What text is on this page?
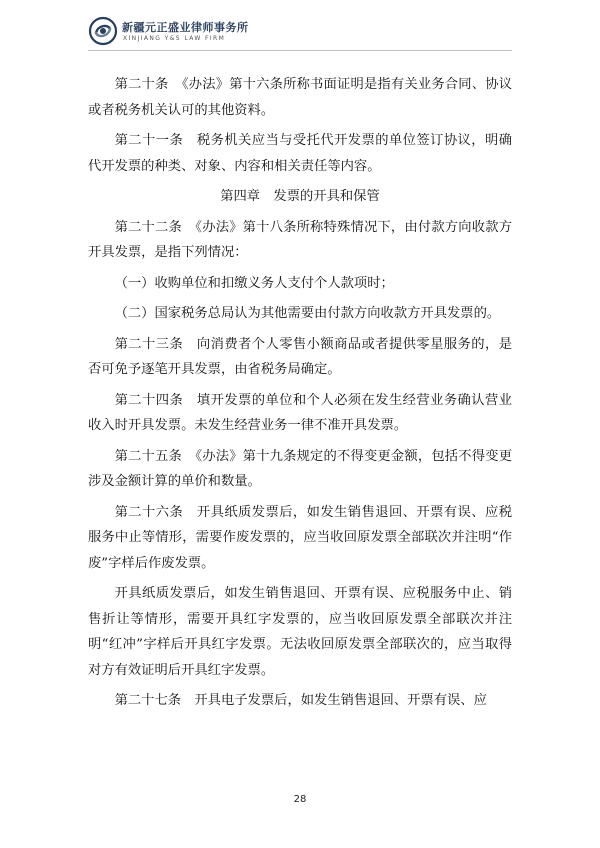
新疆元正盛业律师事务所
XINJIANG Y&S LAW FIRM

第二十条　《办法》第十六条所称书面证明是指有关业务合同、协议或者税务机关认可的其他资料。

第二十一条　税务机关应当与受托代开发票的单位签订协议，明确代开发票的种类、对象、内容和相关责任等内容。

第四章　发票的开具和保管

第二十二条　《办法》第十八条所称特殊情况下，由付款方向收款方开具发票，是指下列情况：

（一）收购单位和扣缴义务人支付个人款项时；

（二）国家税务总局认为其他需要由付款方向收款方开具发票的。

第二十三条　向消费者个人零售小额商品或者提供零星服务的，是否可免予逐笔开具发票，由省税务局确定。

第二十四条　填开发票的单位和个人必须在发生经营业务确认营业收入时开具发票。未发生经营业务一律不准开具发票。

第二十五条　《办法》第十九条规定的不得变更金额，包括不得变更涉及金额计算的单价和数量。

第二十六条　开具纸质发票后，如发生销售退回、开票有误、应税服务中止等情形，需要作废发票的，应当收回原发票全部联次并注明“作废”字样后作废发票。

开具纸质发票后，如发生销售退回、开票有误、应税服务中止、销售折让等情形，需要开具红字发票的，应当收回原发票全部联次并注明“红冲”字样后开具红字发票。无法收回原发票全部联次的，应当取得对方有效证明后开具红字发票。

第二十七条　开具电子发票后，如发生销售退回、开票有误、应

28
